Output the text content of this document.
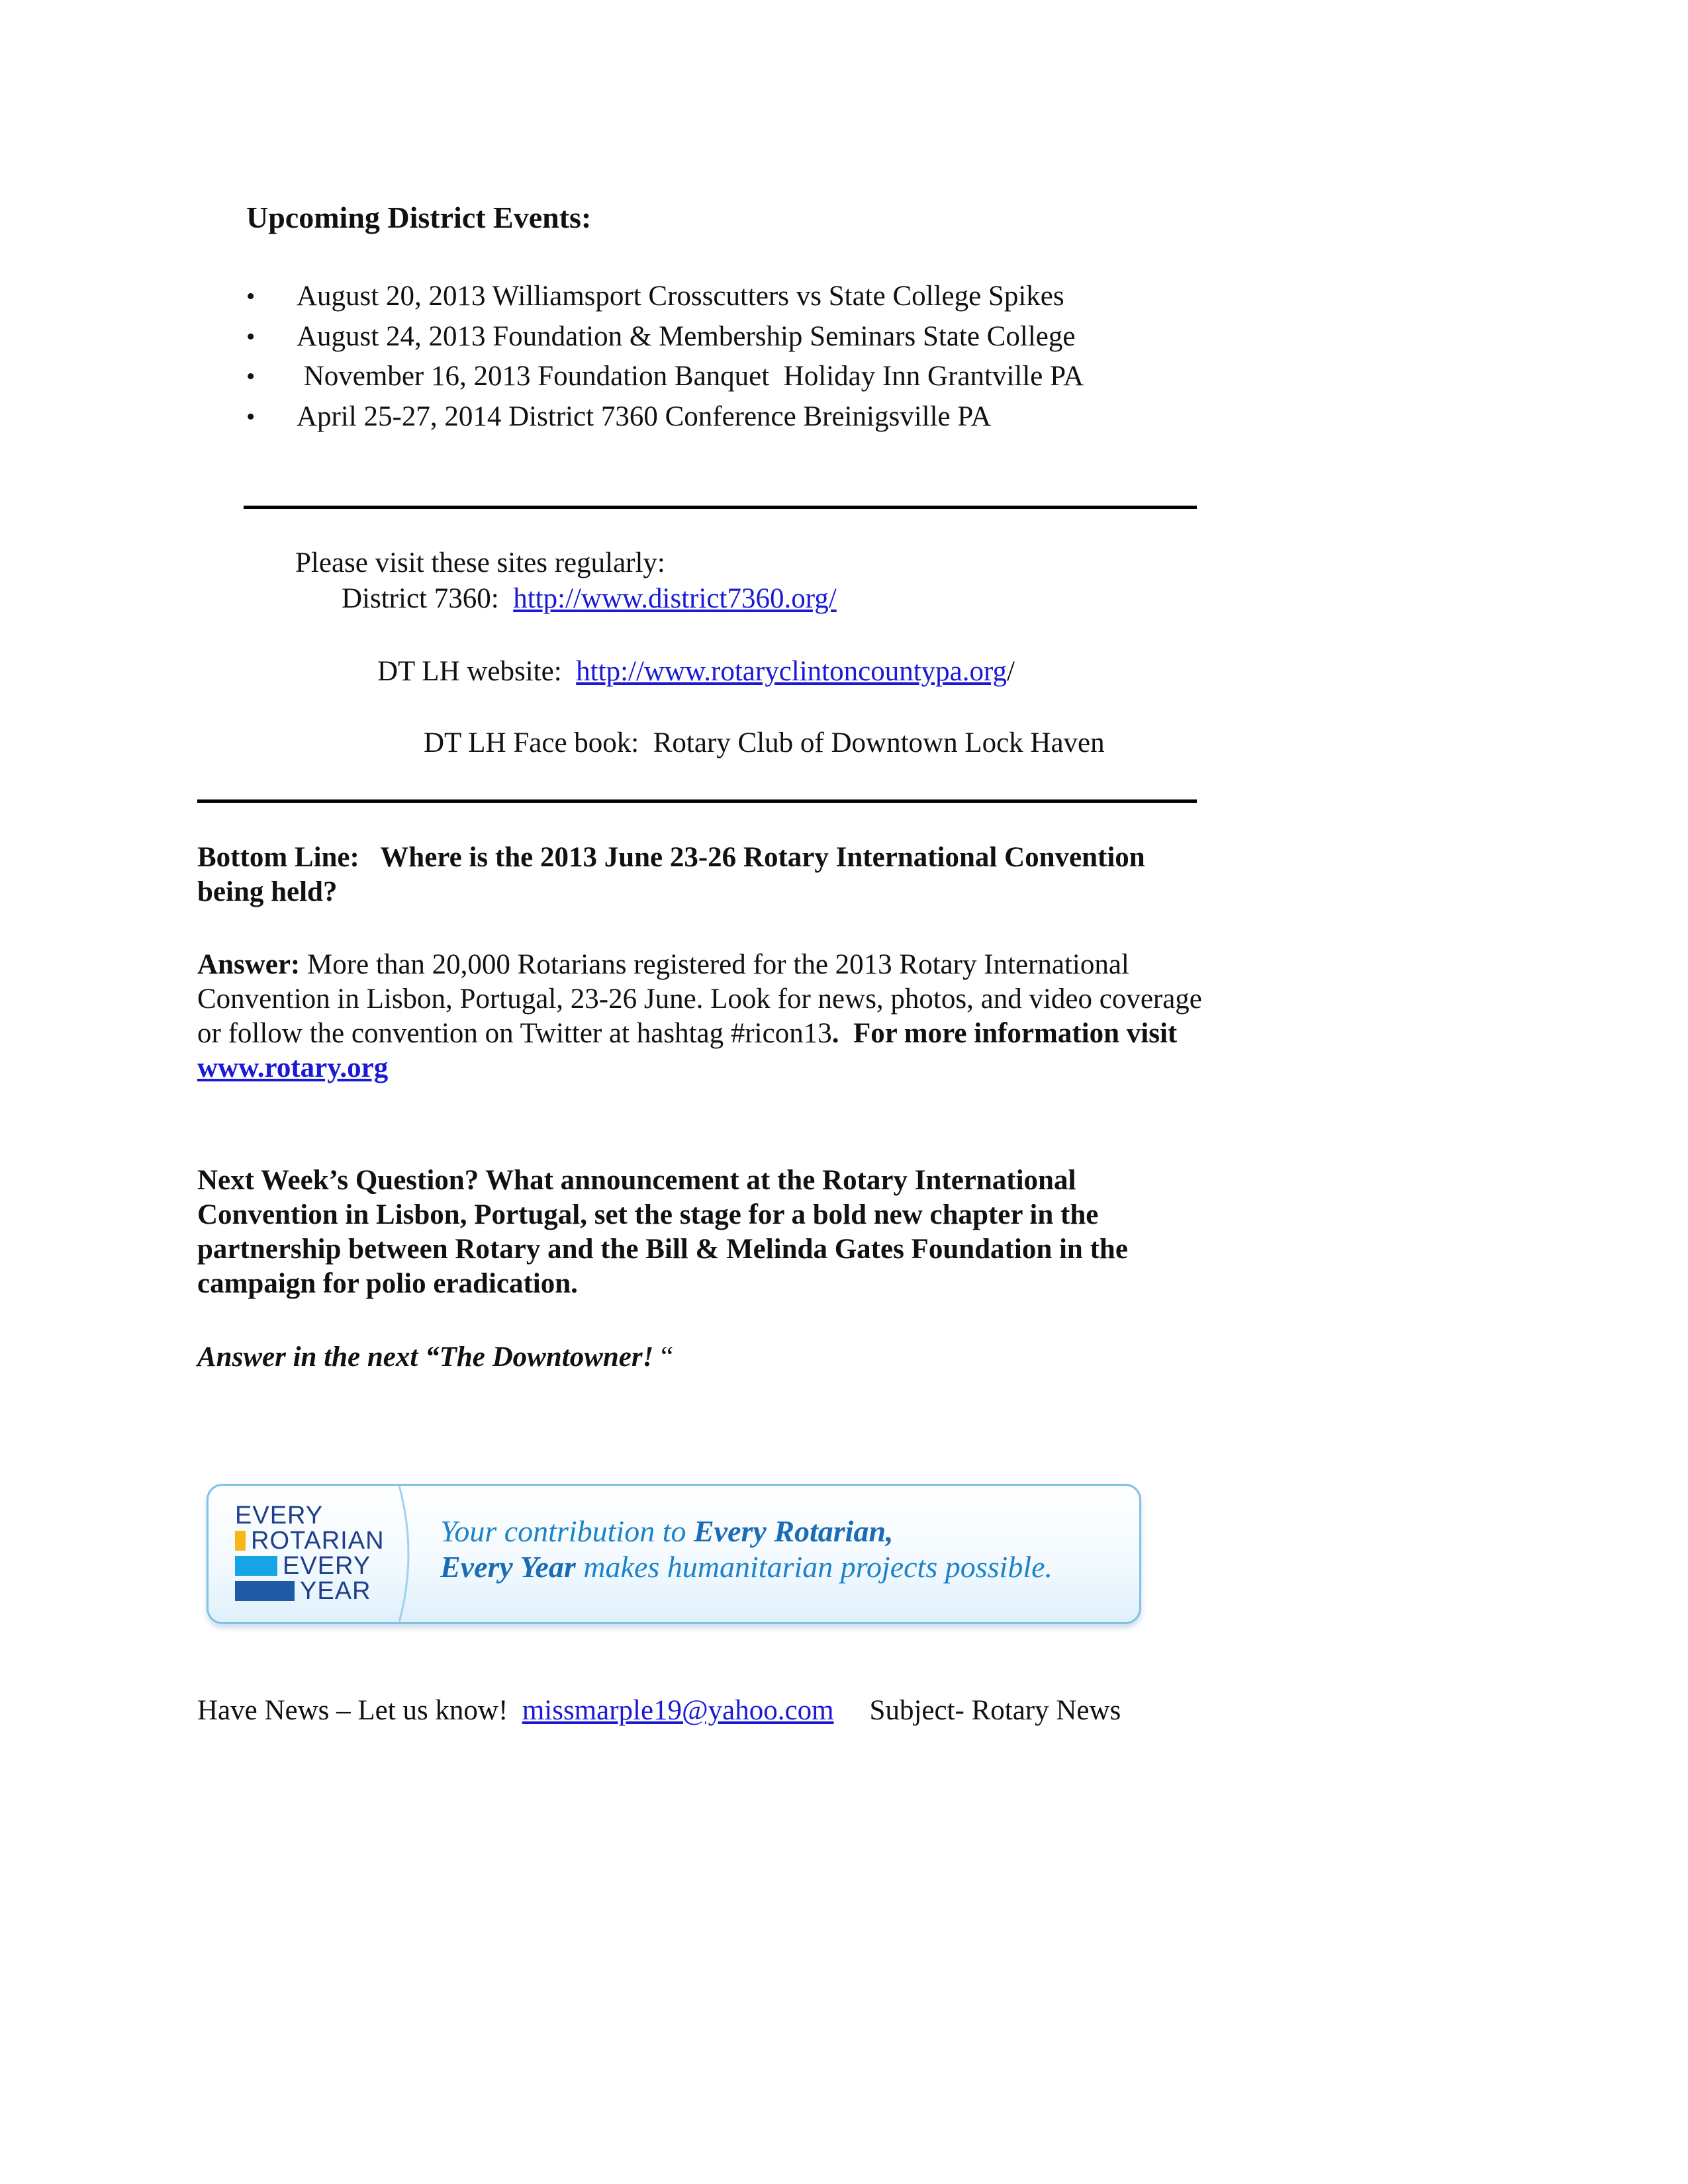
Upcoming District Events:
• August 20, 2013 Williamsport Crosscutters vs State College Spikes
• August 24, 2013 Foundation & Membership Seminars State College
• November 16, 2013 Foundation Banquet  Holiday Inn Grantville PA
• April 25-27, 2014 District 7360 Conference Breinigsville PA
Please visit these sites regularly:
District 7360: http://www.district7360.org/
DT LH website: http://www.rotaryclintoncountypa.org/
DT LH Face book: Rotary Club of Downtown Lock Haven
Bottom Line:   Where is the 2013 June 23-26 Rotary International Convention being held?
Answer: More than 20,000 Rotarians registered for the 2013 Rotary International Convention in Lisbon, Portugal, 23-26 June. Look for news, photos, and video coverage or follow the convention on Twitter at hashtag #ricon13.  For more information visit www.rotary.org
Next Week’s Question? What announcement at the Rotary International Convention in Lisbon, Portugal, set the stage for a bold new chapter in the partnership between Rotary and the Bill & Melinda Gates Foundation in the campaign for polio eradication.
Answer in the next “The Downtowner! “
EVERY
ROTARIAN
EVERY
YEAR
Your contribution to Every Rotarian,
Every Year makes humanitarian projects possible.
Have News – Let us know! missmarple19@yahoo.com Subject- Rotary News
